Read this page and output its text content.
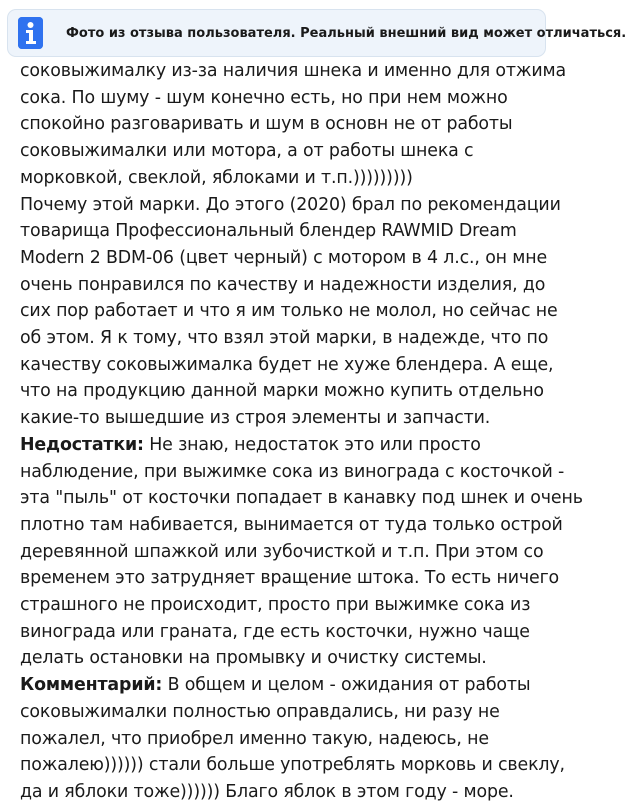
соковыжималку из-за наличия шнека и именно для отжима
сока. По шуму - шум конечно есть, но при нем можно
спокойно разговаривать и шум в основн не от работы
соковыжималки или мотора, а от работы шнека с
морковкой, свеклой, яблоками и т.п.)))))))))
Почему этой марки. До этого (2020) брал по рекомендации
товарища Профессиональный блендер RAWMID Dream
Modern 2 BDM-06 (цвет черный) с мотором в 4 л.с., он мне
очень понравился по качеству и надежности изделия, до
сих пор работает и что я им только не молол, но сейчас не
об этом. Я к тому, что взял этой марки, в надежде, что по
качеству соковыжималка будет не хуже блендера. А еще,
что на продукцию данной марки можно купить отдельно
какие-то вышедшие из строя элементы и запчасти.
Недостатки: Не знаю, недостаток это или просто
наблюдение, при выжимке сока из винограда с косточкой -
эта "пыль" от косточки попадает в канавку под шнек и очень
плотно там набивается, вынимается от туда только острой
деревянной шпажкой или зубочисткой и т.п. При этом со
временем это затрудняет вращение штока. То есть ничего
страшного не происходит, просто при выжимке сока из
винограда или граната, где есть косточки, нужно чаще
делать остановки на промывку и очистку системы.
Комментарий: В общем и целом - ожидания от работы
соковыжималки полностью оправдались, ни разу не
пожалел, что приобрел именно такую, надеюсь, не
пожалею)))))) стали больше употреблять морковь и свеклу,
да и яблоки тоже)))))) Благо яблок в этом году - море.
Фото из отзыва пользователя. Реальный внешний вид может отличаться.
